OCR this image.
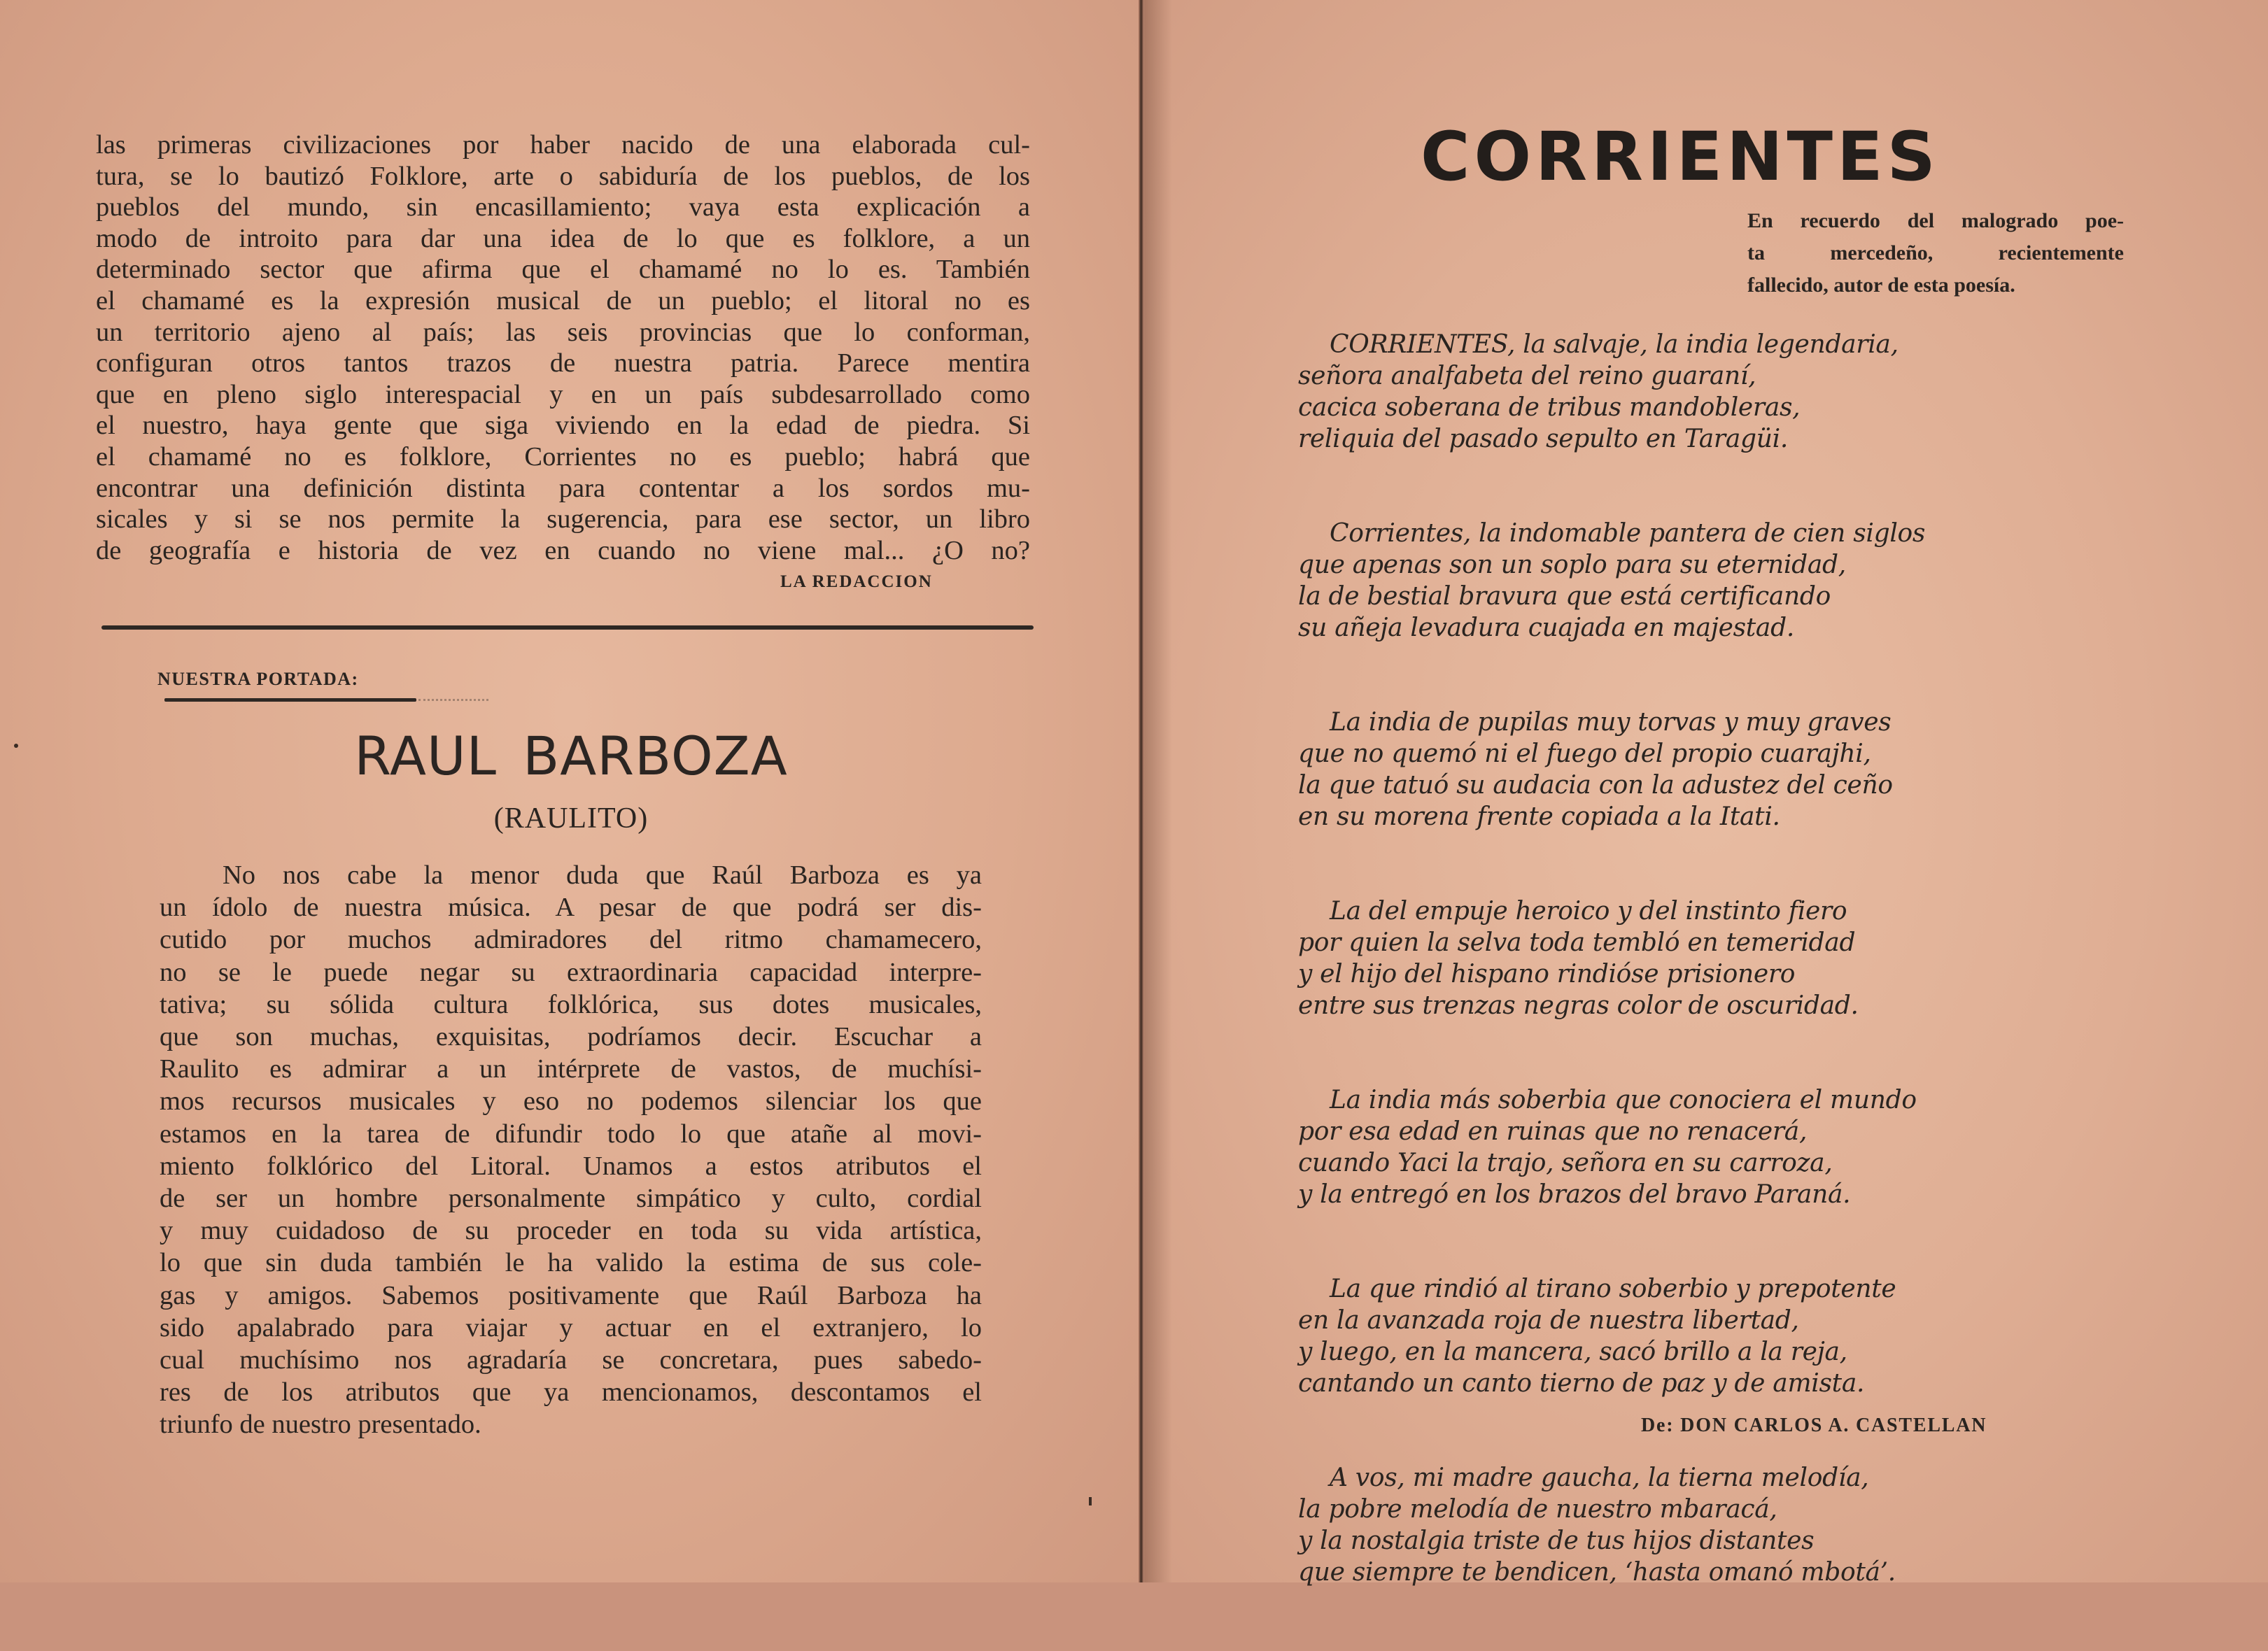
las primeras civilizaciones por haber nacido de una elaborada cul-
tura, se lo bautizó Folklore, arte o sabiduría de los pueblos, de los
pueblos del mundo, sin encasillamiento; vaya esta explicación a
modo de introito para dar una idea de lo que es folklore, a un
determinado sector que afirma que el chamamé no lo es. También
el chamamé es la expresión musical de un pueblo; el litoral no es
un territorio ajeno al país; las seis provincias que lo conforman,
configuran otros tantos trazos de nuestra patria. Parece mentira
que en pleno siglo interespacial y en un país subdesarrollado como
el nuestro, haya gente que siga viviendo en la edad de piedra. Si
el chamamé no es folklore, Corrientes no es pueblo; habrá que
encontrar una definición distinta para contentar a los sordos mu-
sicales y si se nos permite la sugerencia, para ese sector, un libro
de geografía e historia de vez en cuando no viene mal... ¿O no?
LA REDACCION
NUESTRA PORTADA:
RAUL BARBOZA
(RAULITO)
No nos cabe la menor duda que Raúl Barboza es ya
un ídolo de nuestra música. A pesar de que podrá ser dis-
cutido por muchos admiradores del ritmo chamamecero,
no se le puede negar su extraordinaria capacidad interpre-
tativa; su sólida cultura folklórica, sus dotes musicales,
que son muchas, exquisitas, podríamos decir. Escuchar a
Raulito es admirar a un intérprete de vastos, de muchísi-
mos recursos musicales y eso no podemos silenciar los que
estamos en la tarea de difundir todo lo que atañe al movi-
miento folklórico del Litoral. Unamos a estos atributos el
de ser un hombre personalmente simpático y culto, cordial
y muy cuidadoso de su proceder en toda su vida artística,
lo que sin duda también le ha valido la estima de sus cole-
gas y amigos. Sabemos positivamente que Raúl Barboza ha
sido apalabrado para viajar y actuar en el extranjero, lo
cual muchísimo nos agradaría se concretara, pues sabedo-
res de los atributos que ya mencionamos, descontamos el
triunfo de nuestro presentado.
CORRIENTES
En recuerdo del malogrado poe-
ta mercedeño, recientemente
fallecido, autor de esta poesía.
CORRIENTES, la salvaje, la india legendaria,
señora analfabeta del reino guaraní,
cacica soberana de tribus mandobleras,
reliquia del pasado sepulto en Taragüi.
Corrientes, la indomable pantera de cien siglos
que apenas son un soplo para su eternidad,
la de bestial bravura que está certificando
su añeja levadura cuajada en majestad.
La india de pupilas muy torvas y muy graves
que no quemó ni el fuego del propio cuarajhi,
la que tatuó su audacia con la adustez del ceño
en su morena frente copiada a la Itati.
La del empuje heroico y del instinto fiero
por quien la selva toda tembló en temeridad
y el hijo del hispano rindióse prisionero
entre sus trenzas negras color de oscuridad.
La india más soberbia que conociera el mundo
por esa edad en ruinas que no renacerá,
cuando Yaci la trajo, señora en su carroza,
y la entregó en los brazos del bravo Paraná.
La que rindió al tirano soberbio y prepotente
en la avanzada roja de nuestra libertad,
y luego, en la mancera, sacó brillo a la reja,
cantando un canto tierno de paz y de amista.
A vos, mi madre gaucha, la tierna melodía,
la pobre melodía de nuestro mbaracá,
y la nostalgia triste de tus hijos distantes
que siempre te bendicen, ‘hasta omanó mbotá’.
De: DON CARLOS A. CASTELLAN
